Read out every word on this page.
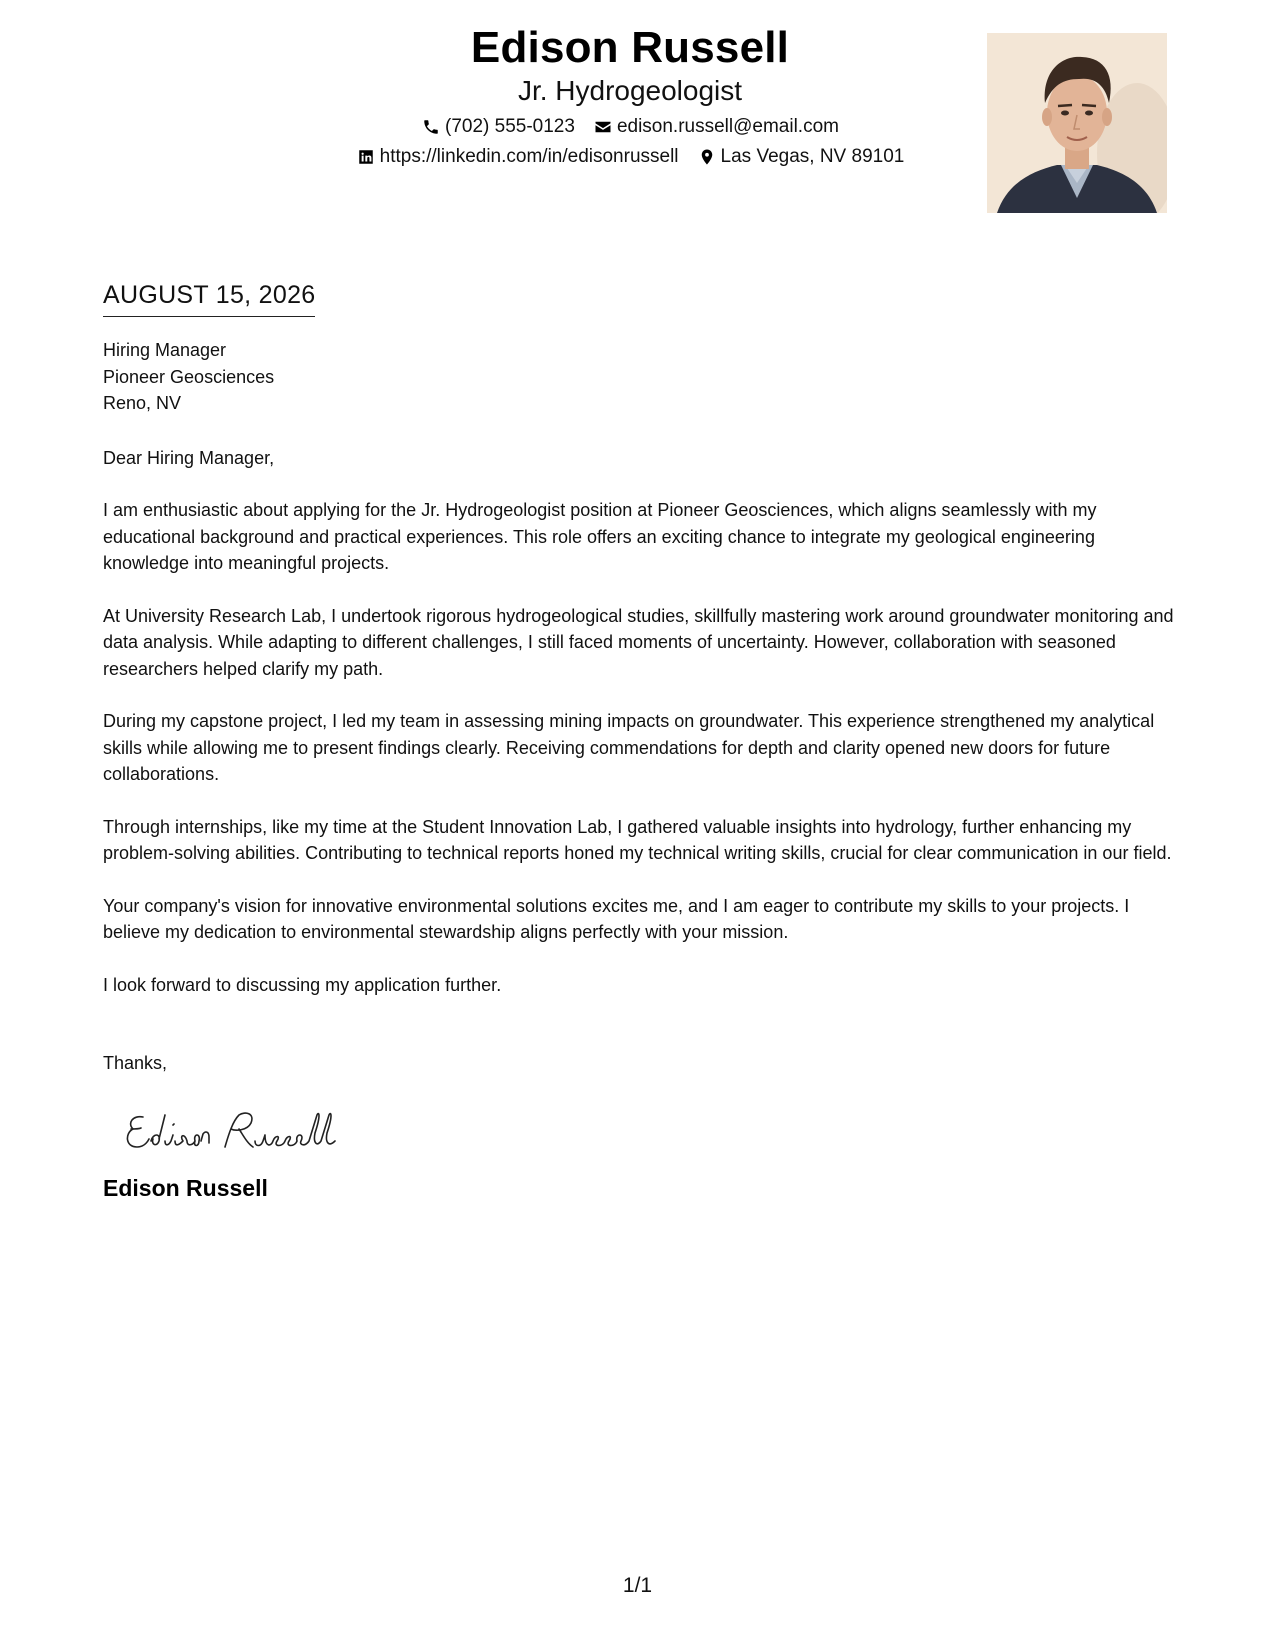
Edison Russell
Jr. Hydrogeologist
(702) 555-0123 edison.russell@email.com
https://linkedin.com/in/edisonrussell Las Vegas, NV 89101
AUGUST 15, 2026
Hiring Manager
Pioneer Geosciences
Reno, NV
Dear Hiring Manager,
I am enthusiastic about applying for the Jr. Hydrogeologist position at Pioneer Geosciences, which aligns seamlessly with my educational background and practical experiences. This role offers an exciting chance to integrate my geological engineering knowledge into meaningful projects.
At University Research Lab, I undertook rigorous hydrogeological studies, skillfully mastering work around groundwater monitoring and data analysis. While adapting to different challenges, I still faced moments of uncertainty. However, collaboration with seasoned researchers helped clarify my path.
During my capstone project, I led my team in assessing mining impacts on groundwater. This experience strengthened my analytical skills while allowing me to present findings clearly. Receiving commendations for depth and clarity opened new doors for future collaborations.
Through internships, like my time at the Student Innovation Lab, I gathered valuable insights into hydrology, further enhancing my problem-solving abilities. Contributing to technical reports honed my technical writing skills, crucial for clear communication in our field.
Your company's vision for innovative environmental solutions excites me, and I am eager to contribute my skills to your projects. I believe my dedication to environmental stewardship aligns perfectly with your mission.
I look forward to discussing my application further.
Thanks,
Edison Russell
1/1
